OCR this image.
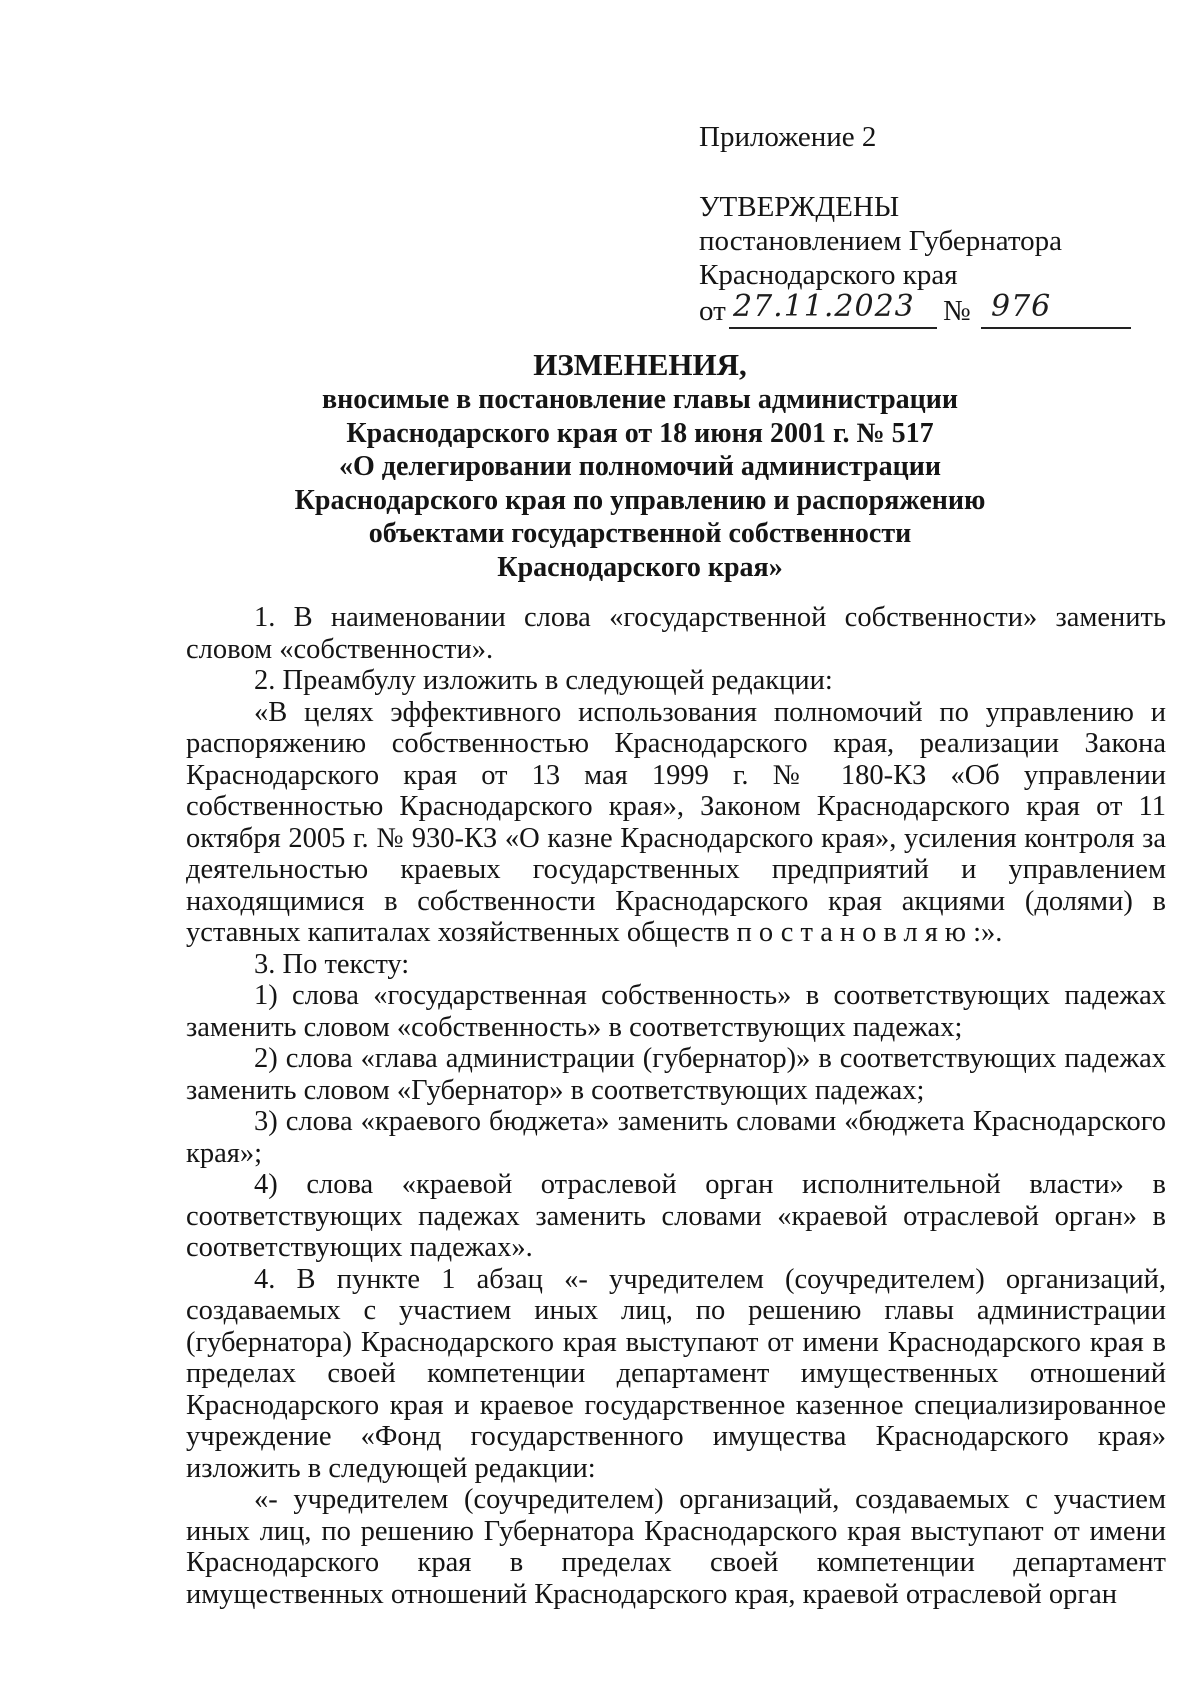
Приложение 2
УТВЕРЖДЕНЫ
постановлением Губернатора
Краснодарского края
от 27.11.2023 № 976
ИЗМЕНЕНИЯ,
вносимые в постановление главы администрации
Краснодарского края от 18 июня 2001 г. № 517
«О делегировании полномочий администрации
Краснодарского края по управлению и распоряжению
объектами государственной собственности
Краснодарского края»

1. В наименовании слова «государственной собственности» заменить словом «собственности».

2. Преамбулу изложить в следующей редакции:

«В целях эффективного использования полномочий по управлению и распоряжению собственностью Краснодарского края, реализации Закона Краснодарского края от 13 мая 1999 г. № 180-КЗ «Об управлении собственностью Краснодарского края», Законом Краснодарского края от 11 октября 2005 г. № 930-КЗ «О казне Краснодарского края», усиления контроля за деятельностью краевых государственных предприятий и управлением находящимися в собственности Краснодарского края акциями (долями) в уставных капиталах хозяйственных обществ постановляю:».

3. По тексту:

1) слова «государственная собственность» в соответствующих падежах заменить словом «собственность» в соответствующих падежах;

2) слова «глава администрации (губернатор)» в соответствующих падежах заменить словом «Губернатор» в соответствующих падежах;

3) слова «краевого бюджета» заменить словами «бюджета Краснодарского края»;

4) слова «краевой отраслевой орган исполнительной власти» в соответствующих падежах заменить словами «краевой отраслевой орган» в соответствующих падежах».

4. В пункте 1 абзац «- учредителем (соучредителем) организаций, создаваемых с участием иных лиц, по решению главы администрации (губернатора) Краснодарского края выступают от имени Краснодарского края в пределах своей компетенции департамент имущественных отношений Краснодарского края и краевое государственное казенное специализированное учреждение «Фонд государственного имущества Краснодарского края» изложить в следующей редакции:

«- учредителем (соучредителем) организаций, создаваемых с участием иных лиц, по решению Губернатора Краснодарского края выступают от имени Краснодарского края в пределах своей компетенции департамент имущественных отношений Краснодарского края, краевой отраслевой орган
